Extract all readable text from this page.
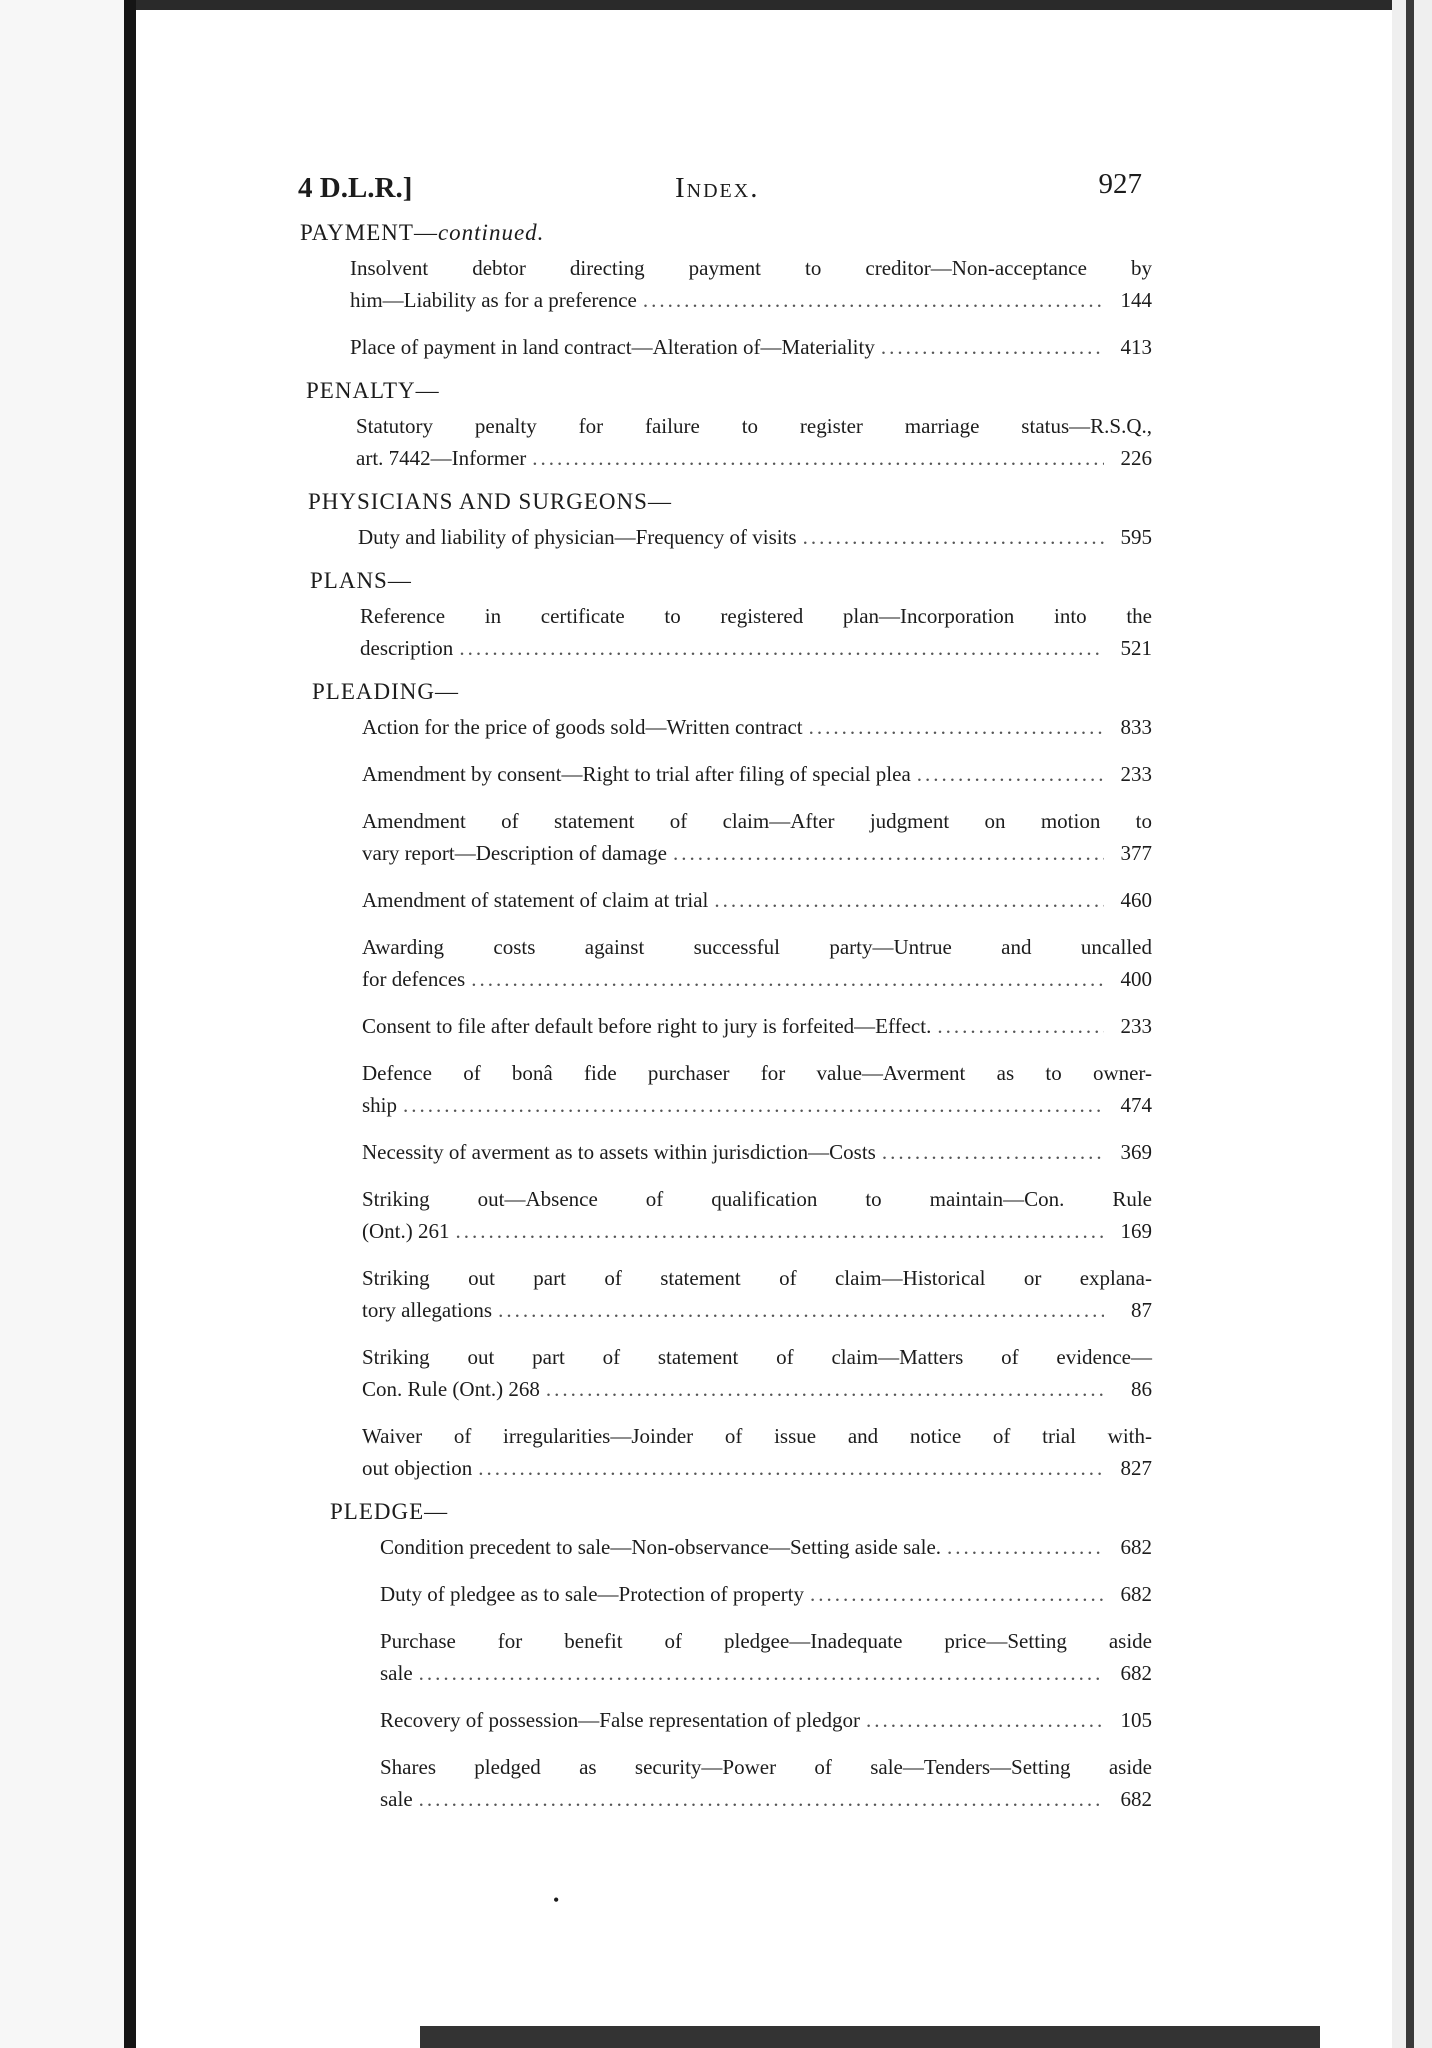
4 D.L.R.]	Index.	927
PAYMENT—continued.
Insolvent debtor directing payment to creditor—Non-acceptance by
him—Liability as for a preference .....	144
Place of payment in land contract—Alteration of—Materiality .....	413
PENALTY—
Statutory penalty for failure to register marriage status—R.S.Q.,
art. 7442—Informer .....	226
PHYSICIANS AND SURGEONS—
Duty and liability of physician—Frequency of visits .....	595
PLANS—
Reference in certificate to registered plan—Incorporation into the
description .....	521
PLEADING—
Action for the price of goods sold—Written contract .....	833
Amendment by consent—Right to trial after filing of special plea .....	233
Amendment of statement of claim—After judgment on motion to
vary report—Description of damage .....	377
Amendment of statement of claim at trial .....	460
Awarding costs against successful party—Untrue and uncalled
for defences .....	400
Consent to file after default before right to jury is forfeited—Effect. .....	233
Defence of bonâ fide purchaser for value—Averment as to owner-
ship .....	474
Necessity of averment as to assets within jurisdiction—Costs .....	369
Striking out—Absence of qualification to maintain—Con. Rule
(Ont.) 261 .....	169
Striking out part of statement of claim—Historical or explana-
tory allegations .....	87
Striking out part of statement of claim—Matters of evidence—
Con. Rule (Ont.) 268 .....	86
Waiver of irregularities—Joinder of issue and notice of trial with-
out objection .....	827
PLEDGE—
Condition precedent to sale—Non-observance—Setting aside sale. .....	682
Duty of pledgee as to sale—Protection of property .....	682
Purchase for benefit of pledgee—Inadequate price—Setting aside
sale .....	682
Recovery of possession—False representation of pledgor .....	105
Shares pledged as security—Power of sale—Tenders—Setting aside
sale .....	682
•
